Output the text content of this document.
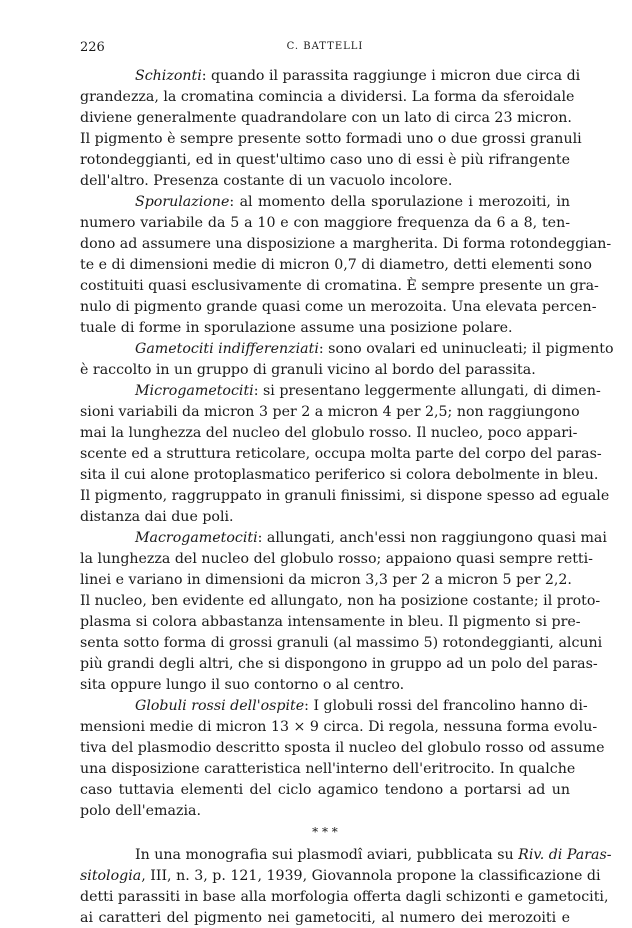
226	C. BATTELLI
Schizonti: quando il parassita raggiunge i micron due circa di
grandezza, la cromatina comincia a dividersi. La forma da sferoidale
diviene generalmente quadrandolare con un lato di circa 23 micron.
Il pigmento è sempre presente sotto formadi uno o due grossi granuli
rotondeggianti, ed in quest'ultimo caso uno di essi è più rifrangente
dell'altro. Presenza costante di un vacuolo incolore.
Sporulazione: al momento della sporulazione i merozoiti, in
numero variabile da 5 a 10 e con maggiore frequenza da 6 a 8, ten-
dono ad assumere una disposizione a margherita. Di forma rotondeggian-
te e di dimensioni medie di micron 0,7 di diametro, detti elementi sono
costituiti quasi esclusivamente di cromatina. È sempre presente un gra-
nulo di pigmento grande quasi come un merozoita. Una elevata percen-
tuale di forme in sporulazione assume una posizione polare.
Gametociti indifferenziati: sono ovalari ed uninucleati; il pigmento
è raccolto in un gruppo di granuli vicino al bordo del parassita.
Microgametociti: si presentano leggermente allungati, di dimen-
sioni variabili da micron 3 per 2 a micron 4 per 2,5; non raggiungono
mai la lunghezza del nucleo del globulo rosso. Il nucleo, poco appari-
scente ed a struttura reticolare, occupa molta parte del corpo del paras-
sita il cui alone protoplasmatico periferico si colora debolmente in bleu.
Il pigmento, raggruppato in granuli finissimi, si dispone spesso ad eguale
distanza dai due poli.
Macrogametociti: allungati, anch'essi non raggiungono quasi mai
la lunghezza del nucleo del globulo rosso; appaiono quasi sempre retti-
linei e variano in dimensioni da micron 3,3 per 2 a micron 5 per 2,2.
Il nucleo, ben evidente ed allungato, non ha posizione costante; il proto-
plasma si colora abbastanza intensamente in bleu. Il pigmento si pre-
senta sotto forma di grossi granuli (al massimo 5) rotondeggianti, alcuni
più grandi degli altri, che si dispongono in gruppo ad un polo del paras-
sita oppure lungo il suo contorno o al centro.
Globuli rossi dell'ospite: I globuli rossi del francolino hanno di-
mensioni medie di micron 13 × 9 circa. Di regola, nessuna forma evolu-
tiva del plasmodio descritto sposta il nucleo del globulo rosso od assume
una disposizione caratteristica nell'interno dell'eritrocito. In qualche
caso tuttavia elementi del ciclo agamico tendono a portarsi ad un
polo dell'emazia.
* * *
In una monografia sui plasmodî aviari, pubblicata su Riv. di Paras-
sitologia, III, n. 3, p. 121, 1939, Giovannola propone la classificazione di
detti parassiti in base alla morfologia offerta dagli schizonti e gametociti,
ai caratteri del pigmento nei gametociti, al numero dei merozoiti e
